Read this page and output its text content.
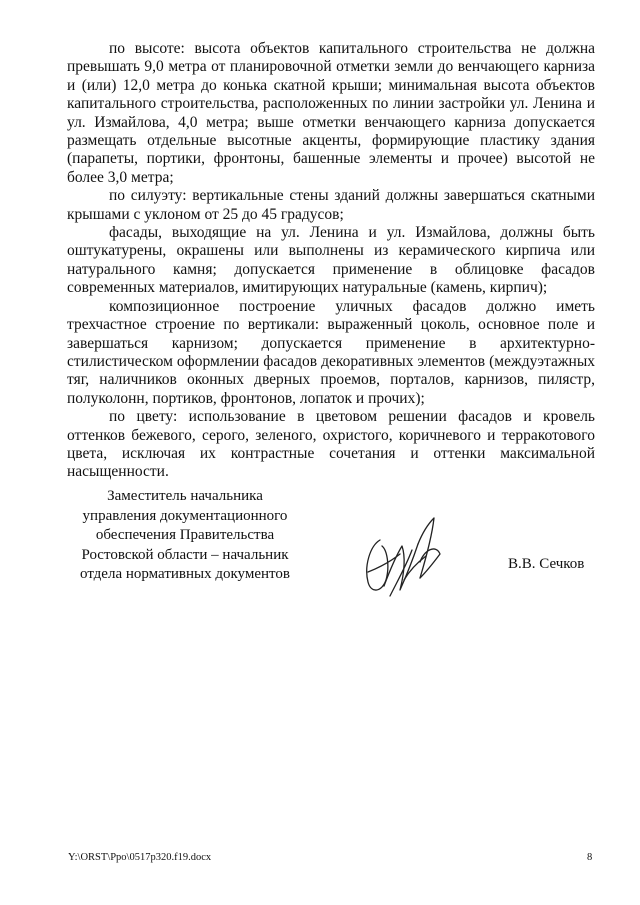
по высоте: высота объектов капитального строительства не должна превышать 9,0 метра от планировочной отметки земли до венчающего карниза и (или) 12,0 метра до конька скатной крыши; минимальная высота объектов капитального строительства, расположенных по линии застройки ул. Ленина и ул. Измайлова, 4,0 метра; выше отметки венчающего карниза допускается размещать отдельные высотные акценты, формирующие пластику здания (парапеты, портики, фронтоны, башенные элементы и прочее) высотой не более 3,0 метра;

по силуэту: вертикальные стены зданий должны завершаться скатными крышами с уклоном от 25 до 45 градусов;

фасады, выходящие на ул. Ленина и ул. Измайлова, должны быть оштукатурены, окрашены или выполнены из керамического кирпича или натурального камня; допускается применение в облицовке фасадов современных материалов, имитирующих натуральные (камень, кирпич);

композиционное построение уличных фасадов должно иметь трехчастное строение по вертикали: выраженный цоколь, основное поле и завершаться карнизом; допускается применение в архитектурно-стилистическом оформлении фасадов декоративных элементов (междуэтажных тяг, наличников оконных дверных проемов, порталов, карнизов, пилястр, полуколонн, портиков, фронтонов, лопаток и прочих);

по цвету: использование в цветовом решении фасадов и кровель оттенков бежевого, серого, зеленого, охристого, коричневого и терракотового цвета, исключая их контрастные сочетания и оттенки максимальной насыщенности.

Заместитель начальника
управления документационного
обеспечения Правительства
Ростовской области – начальник
отдела нормативных документов
В.В. Сечков
Y:\ORST\Ppo\0517p320.f19.docx	8
